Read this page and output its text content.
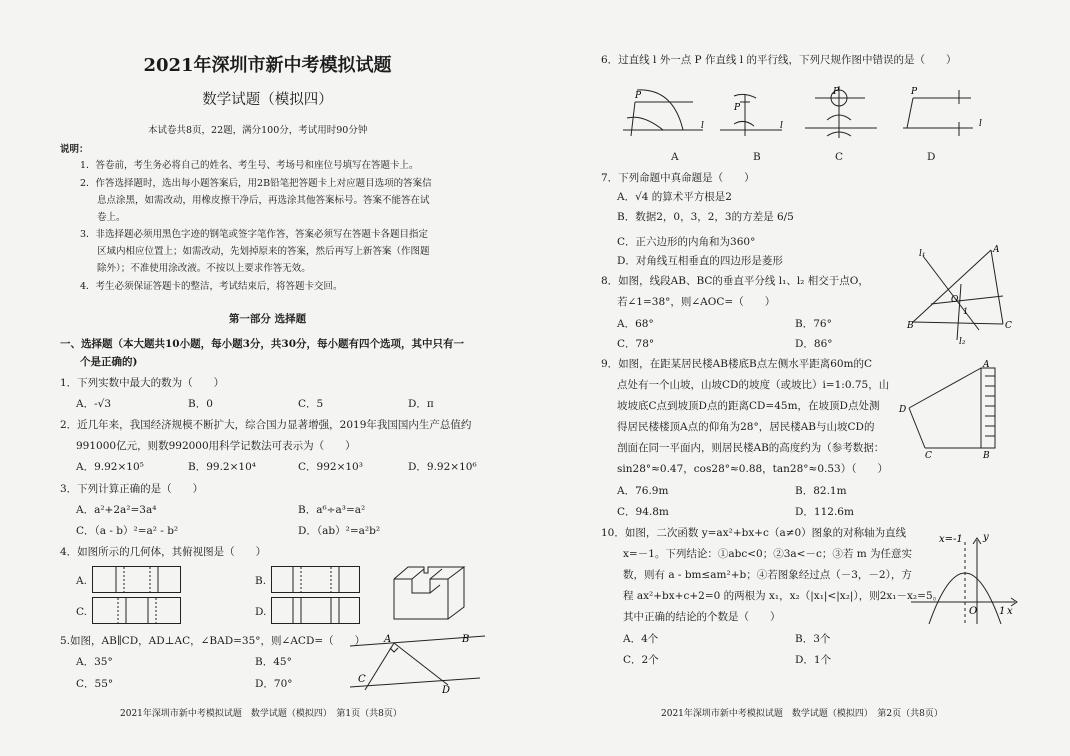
2021年深圳市新中考模拟试题
数学试题（模拟四）
本试卷共8页，22题，满分100分，考试用时90分钟
说明：
1．答卷前，考生务必将自己的姓名、考生号、考场号和座位号填写在答题卡上。
2．作答选择题时，选出每小题答案后，用2B铅笔把答题卡上对应题目选项的答案信
息点涂黑，如需改动，用橡皮擦干净后，再选涂其他答案标号。答案不能答在试
卷上。
3．非选择题必须用黑色字迹的钢笔或签字笔作答，答案必须写在答题卡各题目指定
区域内相应位置上；如需改动，先划掉原来的答案，然后再写上新答案（作图题
除外）；不准使用涂改液。不按以上要求作答无效。
4．考生必须保证答题卡的整洁，考试结束后，将答题卡交回。
第一部分 选择题
一、选择题（本大题共10小题，每小题3分，共30分，每小题有四个选项，其中只有一
个是正确的)
1．下列实数中最大的数为（　　）
A．-√3	B．0	C．5	D．π
2．近几年来，我国经济规模不断扩大，综合国力显著增强，2019年我国国内生产总值约
991000亿元，则数992000用科学记数法可表示为（　　）
A．9.92×10⁵	B．99.2×10⁴	C．992×10³	D．9.92×10⁶
3．下列计算正确的是（　　）
A．a²+2a²=3a⁴	B．a⁶÷a³=a²
C．（a - b）²=a² - b²	D．（ab）²=a²b²
4．如图所示的几何体，其俯视图是（　　）
A.	B.
C.	D.
5.如图，AB∥CD，AD⊥AC，∠BAD=35°，则∠ACD=（　　）
A．35°	B．45°
C．55°	D．70°
A	B
C
D
2021年深圳市新中考模拟试题　数学试题（模拟四）　第1页（共8页）
6．过直线 l 外一点 P 作直线 l 的平行线，下列尺规作图中错误的是（　　）
P
l
P
l
P	P
l
A	B	C	D
7．下列命题中真命题是（　　）
A．√4 的算术平方根是2
B．数据2，0，3，2，3的方差是 6/5
C．正六边形的内角和为360°
D．对角线互相垂直的四边形是菱形
8．如图，线段AB、BC的垂直平分线 l₁、l₂ 相交于点O，
若∠1=38°，则∠AOC=（　　）
A．68°	B．76°
C．78°	D．86°
l₁	A
O
1
B	C
l₂
9．如图，在距某居民楼AB楼底B点左侧水平距离60m的C
点处有一个山坡，山坡CD的坡度（或坡比）i=1:0.75，山
坡坡底C点到坡顶D点的距离CD=45m，在坡顶D点处测
得居民楼楼顶A点的仰角为28°，居民楼AB与山坡CD的
剖面在同一平面内，则居民楼AB的高度约为（参考数据：
sin28°≈0.47，cos28°≈0.88，tan28°≈0.53）（　　）
A．76.9m	B．82.1m
C．94.8m	D．112.6m
A
D
C	B
10．如图，二次函数 y=ax²+bx+c（a≠0）图象的对称轴为直线
x=－1。下列结论：①abc<0；②3a<－c；③若 m 为任意实
数，则有 a - bm≤am²+b；④若图象经过点（－3，－2），方
程 ax²+bx+c+2=0 的两根为 x₁，x₂（|x₁|<|x₂|），则2x₁－x₂=5。
其中正确的结论的个数是（　　）
A．4个	B．3个
C．2个	D．1个
x=-1 y
O 1 x
2021年深圳市新中考模拟试题　数学试题（模拟四）　第2页（共8页）
